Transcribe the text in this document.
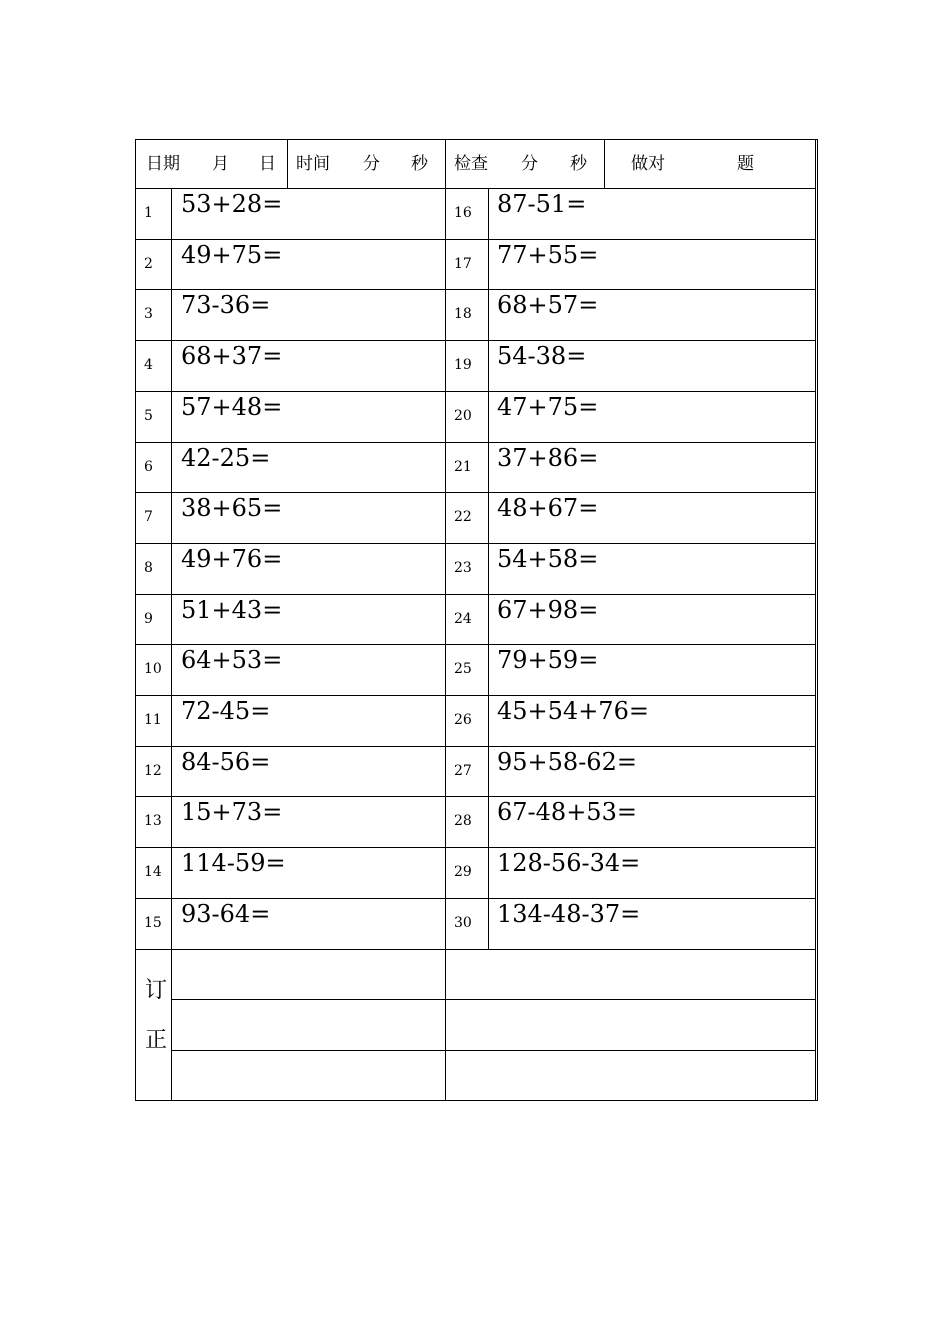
日期 月 日 时间 分 秒 检查 分 秒	做对	题
订
正
1 53+28=	16 87-51=
2 49+75=	17 77+55=
3 73-36=	18 68+57=
4 68+37=	19 54-38=
5 57+48=	20 47+75=
6 42-25=	21 37+86=
7 38+65=	22 48+67=
8 49+76=	23 54+58=
9 51+43=	24 67+98=
10 64+53=	25 79+59=
11 72-45=	26 45+54+76=
12 84-56=	27 95+58-62=
13 15+73=	28 67-48+53=
14 114-59=	29 128-56-34=
15 93-64=	30 134-48-37=
